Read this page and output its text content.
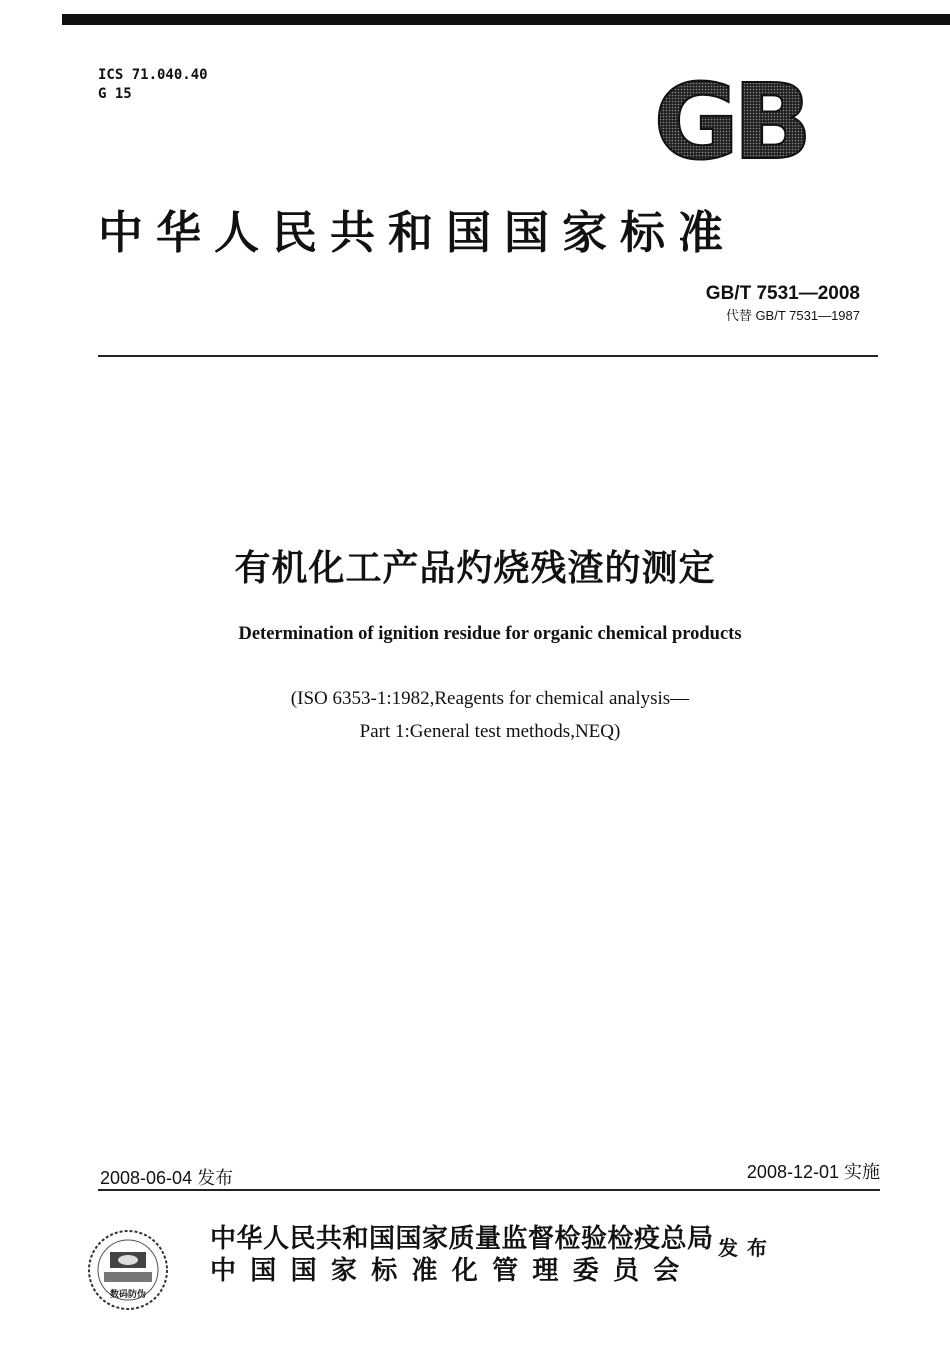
ICS 71.040.40
G 15	GB
中华人民共和国国家标准
GB/T 7531—2008
代替 GB/T 7531—1987
有机化工产品灼烧残渣的测定
Determination of ignition residue for organic chemical products
(ISO 6353-1:1982,Reagents for chemical analysis—
Part 1:General test methods,NEQ)
2008-06-04 发布	2008-12-01 实施
数码防伪
中华人民共和国国家质量监督检验检疫总局
中国国家标准化管理委员会
发布
